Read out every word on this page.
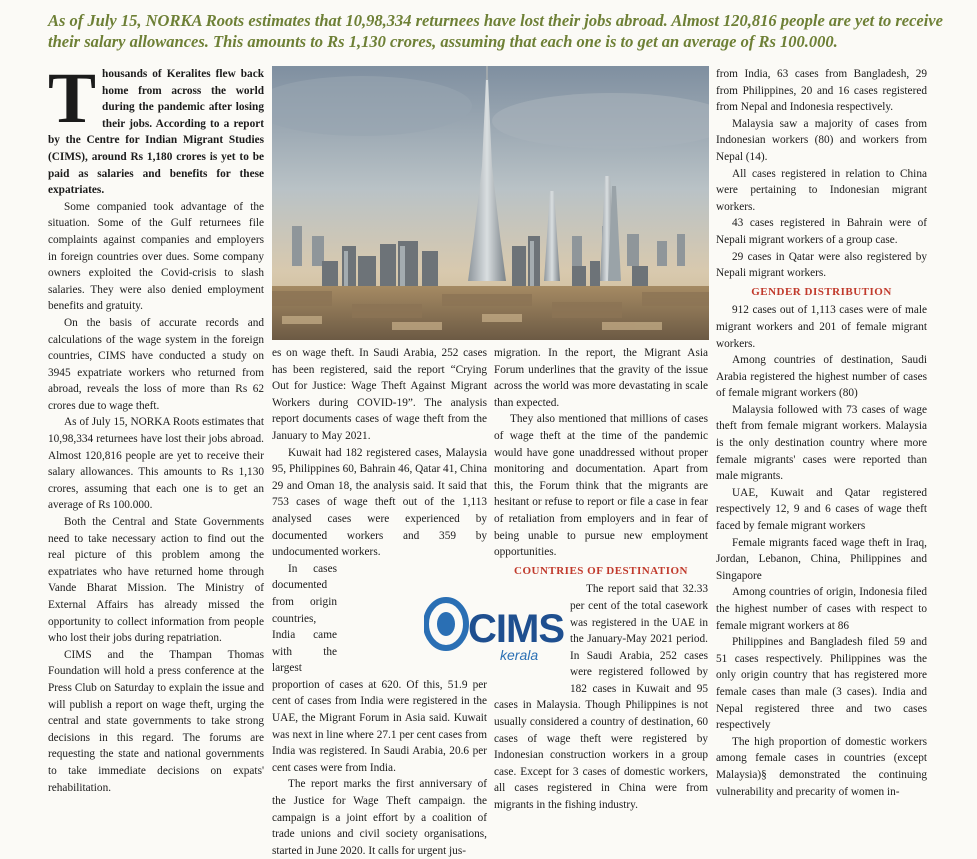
As of July 15, NORKA Roots estimates that 10,98,334 returnees have lost their jobs abroad. Almost 120,816 people are yet to receive their salary allowances. This amounts to Rs 1,130 crores, assuming that each one is to get an average of Rs 100.000.

Thousands of Keralites flew back home from across the world during the pandemic after losing their jobs. According to a report by the Centre for Indian Migrant Studies (CIMS), around Rs 1,180 crores is yet to be paid as salaries and benefits for these expatriates.

Some companied took advantage of the situation. Some of the Gulf returnees file complaints against companies and employers in foreign countries over dues. Some company owners exploited the Covid-crisis to slash salaries. They were also denied employment benefits and gratuity.

On the basis of accurate records and calculations of the wage system in the foreign countries, CIMS have conducted a study on 3945 expatriate workers who returned from abroad, reveals the loss of more than Rs 62 crores due to wage theft.

As of July 15, NORKA Roots estimates that 10,98,334 returnees have lost their jobs abroad. Almost 120,816 people are yet to receive their salary allowances. This amounts to Rs 1,130 crores, assuming that each one is to get an average of Rs 100.000.

Both the Central and State Governments need to take necessary action to find out the real picture of this problem among the expatriates who have returned home through Vande Bharat Mission. The Ministry of External Affairs has already missed the opportunity to collect information from people who lost their jobs during repatriation.

CIMS and the Thampan Thomas Foundation will hold a press conference at the Press Club on Saturday to explain the issue and will publish a report on wage theft, urging the central and state governments to take strong decisions in this regard. The forums are requesting the state and national governments to take immediate decisions on expats' rehabilitation.

CIMS
kerala

es on wage theft. In Saudi Arabia, 252 cases has been registered, said the report “Crying Out for Justice: Wage Theft Against Migrant Workers during COVID-19”. The analysis report documents cases of wage theft from the January to May 2021.

Kuwait had 182 registered cases, Malaysia 95, Philippines 60, Bahrain 46, Qatar 41, China 29 and Oman 18, the analysis said. It said that 753 cases of wage theft out of the 1,113 analysed cases were experienced by documented workers and 359 by undocumented workers.

In cases documented from origin countries, India came with the largest proportion of cases at 620. Of this, 51.9 per cent of cases from India were registered in the UAE, the Migrant Forum in Asia said. Kuwait was next in line where 27.1 per cent cases from India was registered. In Saudi Arabia, 20.6 per cent cases were from India.

The report marks the first anniversary of the Justice for Wage Theft campaign. the campaign is a joint effort by a coalition of trade unions and civil society organisations, started in June 2020. It calls for urgent jus-

migration. In the report, the Migrant Asia Forum underlines that the gravity of the issue across the world was more devastating in scale than expected.

They also mentioned that millions of cases of wage theft at the time of the pandemic would have gone unaddressed without proper monitoring and documentation. Apart from this, the Forum think that the migrants are hesitant or refuse to report or file a case in fear of retaliation from employers and in fear of being unable to pursue new employment opportunities.

COUNTRIES OF DESTINATION

The report said that 32.33 per cent of the total casework was registered in the UAE in the January-May 2021 period. In Saudi Arabia, 252 cases were registered followed by 182 cases in Kuwait and 95 cases in Malaysia. Though Philippines is not usually considered a country of destination, 60 cases of wage theft were registered by Indonesian construction workers in a group case. Except for 3 cases of domestic workers, all cases registered in China were from migrants in the fishing industry.

from India, 63 cases from Bangladesh, 29 from Philippines, 20 and 16 cases registered from Nepal and Indonesia respectively.

Malaysia saw a majority of cases from Indonesian workers (80) and workers from Nepal (14).

All cases registered in relation to China were pertaining to Indonesian migrant workers.

43 cases registered in Bahrain were of Nepali migrant workers of a group case.

29 cases in Qatar were also registered by Nepali migrant workers.

GENDER DISTRIBUTION

912 cases out of 1,113 cases were of male migrant workers and 201 of female migrant workers.

Among countries of destination, Saudi Arabia registered the highest number of cases of female migrant workers (80)

Malaysia followed with 73 cases of wage theft from female migrant workers. Malaysia is the only destination country where more female migrants' cases were reported than male migrants.

UAE, Kuwait and Qatar registered respectively 12, 9 and 6 cases of wage theft faced by female migrant workers

Female migrants faced wage theft in Iraq, Jordan, Lebanon, China, Philippines and Singapore

Among countries of origin, Indonesia filed the highest number of cases with respect to female migrant workers at 86

Philippines and Bangladesh filed 59 and 51 cases respectively. Philippines was the only origin country that has registered more female cases than male (3 cases). India and Nepal registered three and two cases respectively

The high proportion of domestic workers among female cases in countries (except Malaysia)§ demonstrated the continuing vulnerability and precarity of women in-
